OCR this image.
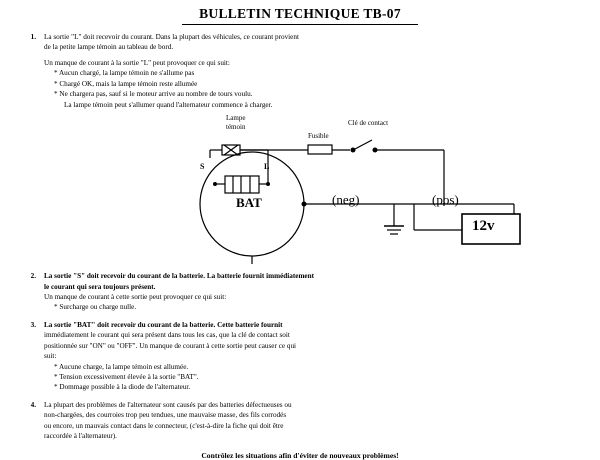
BULLETIN TECHNIQUE TB-07
1.	La sortie "L" doit recevoir du courant. Dans la plupart des véhicules, ce courant provient

de la petite lampe témoin au tableau de bord.

Un manque de courant à la sortie "L" peut provoquer ce qui suit:

* Aucun chargé, la lampe témoin ne s'allume pas

* Chargé OK, mais la lampe témoin reste allumée

* Ne chargera pas, sauf si le moteur arrive au nombre de tours voulu.

La lampe témoin peut s'allumer quand l'alternateur commence à charger.

Lampe
témoin
Fusible
Clé de contact
S	L
BAT	(neg)	(pos)
12v
2.	La sortie "S" doit recevoir du courant de la batterie. La batterie fournit immédiatement

le courant qui sera toujours présent.

Un manque de courant à cette sortie peut provoquer ce qui suit:

* Surcharge ou charge nulle.

3.	La sortie "BAT" doit recevoir du courant de la batterie. Cette batterie fournit

immédiatement le courant qui sera présent dans tous les cas, que la clé de contact soit

positionnée sur "ON" ou "OFF". Un manque de courant à cette sortie peut causer ce qui

suit:

* Aucune charge, la lampe témoin est allumée.

* Tension excessivement élevée à la sortie "BAT".

* Dommage possible à la diode de l'alternateur.

4.	La plupart des problèmes de l'alternateur sont causés par des batteries défectueuses ou

non-chargées, des courroies trop peu tendues, une mauvaise masse, des fils corrodés

ou encore, un mauvais contact dans le connecteur, (c'est-à-dire la fiche qui doit être

raccordée à l'alternateur).

Contrôlez les situations afin d'éviter de nouveaux problèmes!
